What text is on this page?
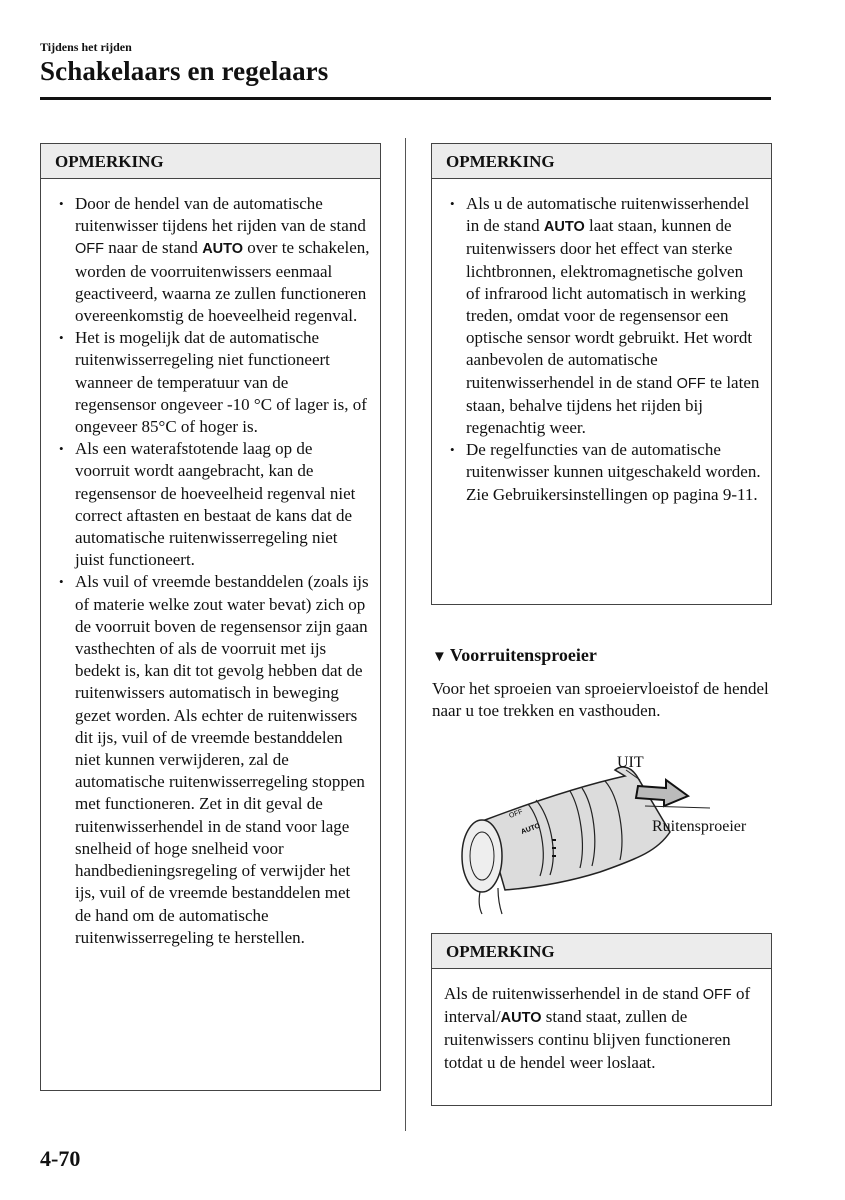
Tijdens het rijden
Schakelaars en regelaars
OPMERKING
• Door de hendel van de automatische ruitenwisser tijdens het rijden van de stand OFF naar de stand AUTO over te schakelen, worden de voorruitenwissers eenmaal geactiveerd, waarna ze zullen functioneren overeenkomstig de hoeveelheid regenval.
• Het is mogelijk dat de automatische ruitenwisserregeling niet functioneert wanneer de temperatuur van de regensensor ongeveer -10 °C of lager is, of ongeveer 85°C of hoger is.
• Als een waterafstotende laag op de voorruit wordt aangebracht, kan de regensensor de hoeveelheid regenval niet correct aftasten en bestaat de kans dat de automatische ruitenwisserregeling niet juist functioneert.
• Als vuil of vreemde bestanddelen (zoals ijs of materie welke zout water bevat) zich op de voorruit boven de regensensor zijn gaan vasthechten of als de voorruit met ijs bedekt is, kan dit tot gevolg hebben dat de ruitenwissers automatisch in beweging gezet worden. Als echter de ruitenwissers dit ijs, vuil of de vreemde bestanddelen niet kunnen verwijderen, zal de automatische ruitenwisserregeling stoppen met functioneren. Zet in dit geval de ruitenwisserhendel in de stand voor lage snelheid of hoge snelheid voor handbedieningsregeling of verwijder het ijs, vuil of de vreemde bestanddelen met de hand om de automatische ruitenwisserregeling te herstellen.
OPMERKING
• Als u de automatische ruitenwisserhendel in de stand AUTO laat staan, kunnen de ruitenwissers door het effect van sterke lichtbronnen, elektromagnetische golven of infrarood licht automatisch in werking treden, omdat voor de regensensor een optische sensor wordt gebruikt. Het wordt aanbevolen de automatische ruitenwisserhendel in de stand OFF te laten staan, behalve tijdens het rijden bij regenachtig weer.
• De regelfuncties van de automatische ruitenwisser kunnen uitgeschakeld worden.
Zie Gebruikersinstellingen op pagina 9-11.
▼ Voorruitensproeier
Voor het sproeien van sproeiervloeistof de hendel naar u toe trekken en vasthouden.
OFF
AUTO
UIT
Ruitensproeier
OPMERKING

Als de ruitenwisserhendel in de stand OFF of interval/AUTO stand staat, zullen de ruitenwissers continu blijven functioneren totdat u de hendel weer loslaat.

4-70
